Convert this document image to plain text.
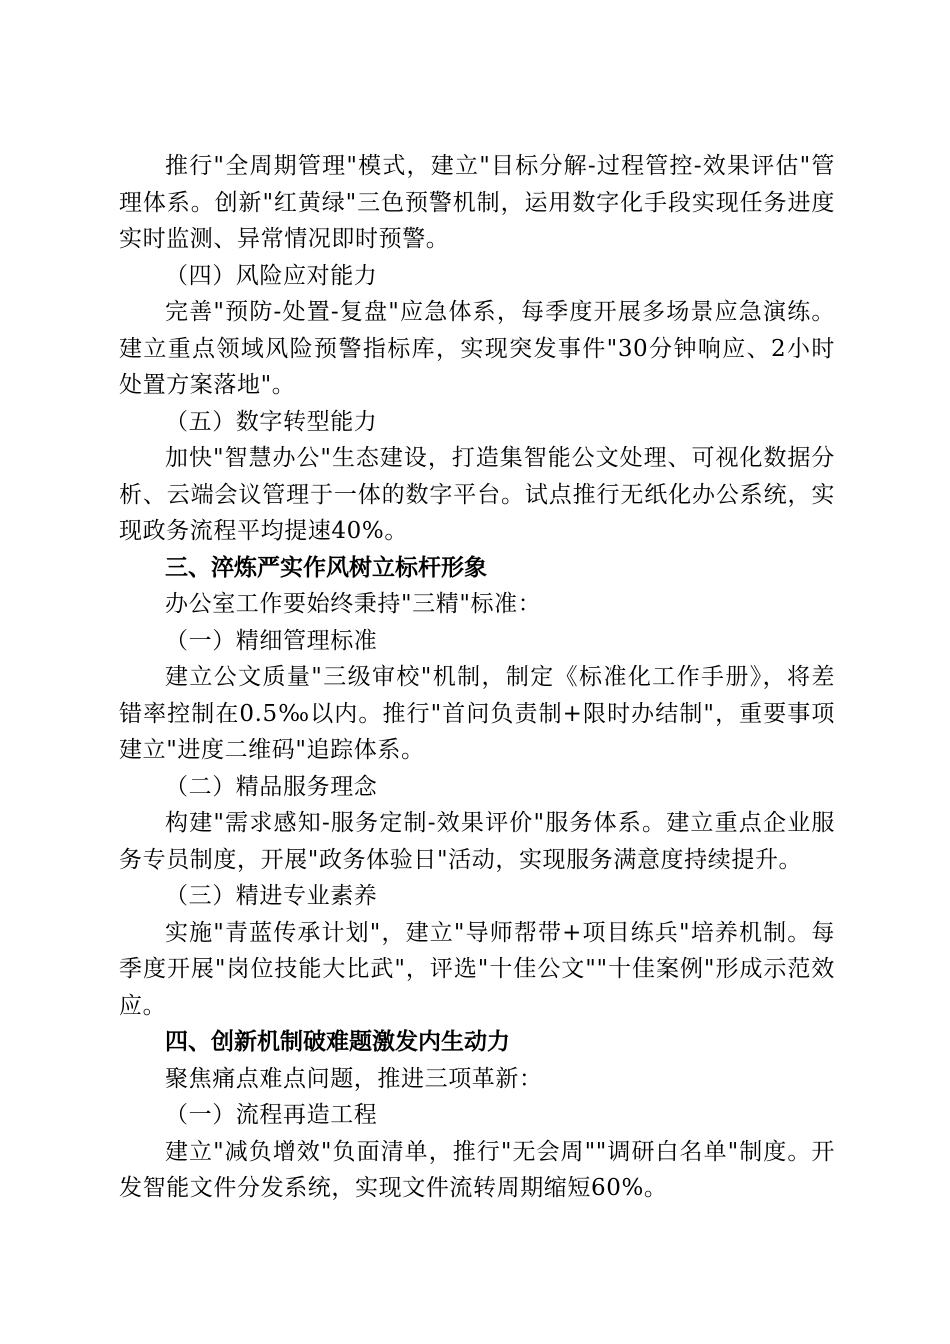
推行"全周期管理"模式，建立"目标分解-过程管控-效果评估"管理体系。创新"红黄绿"三色预警机制，运用数字化手段实现任务进度实时监测、异常情况即时预警。

（四）风险应对能力

完善"预防-处置-复盘"应急体系，每季度开展多场景应急演练。建立重点领域风险预警指标库，实现突发事件"30分钟响应、2小时处置方案落地"。

（五）数字转型能力

加快"智慧办公"生态建设，打造集智能公文处理、可视化数据分析、云端会议管理于一体的数字平台。试点推行无纸化办公系统，实现政务流程平均提速40%。

三、淬炼严实作风树立标杆形象

办公室工作要始终秉持"三精"标准：

（一）精细管理标准

建立公文质量"三级审校"机制，制定《标准化工作手册》，将差错率控制在0.5‰以内。推行"首问负责制+限时办结制"，重要事项建立"进度二维码"追踪体系。

（二）精品服务理念

构建"需求感知-服务定制-效果评价"服务体系。建立重点企业服务专员制度，开展"政务体验日"活动，实现服务满意度持续提升。

（三）精进专业素养

实施"青蓝传承计划"，建立"导师帮带+项目练兵"培养机制。每季度开展"岗位技能大比武"，评选"十佳公文""十佳案例"形成示范效应。

四、创新机制破难题激发内生动力

聚焦痛点难点问题，推进三项革新：

（一）流程再造工程

建立"减负增效"负面清单，推行"无会周""调研白名单"制度。开发智能文件分发系统，实现文件流转周期缩短60%。
